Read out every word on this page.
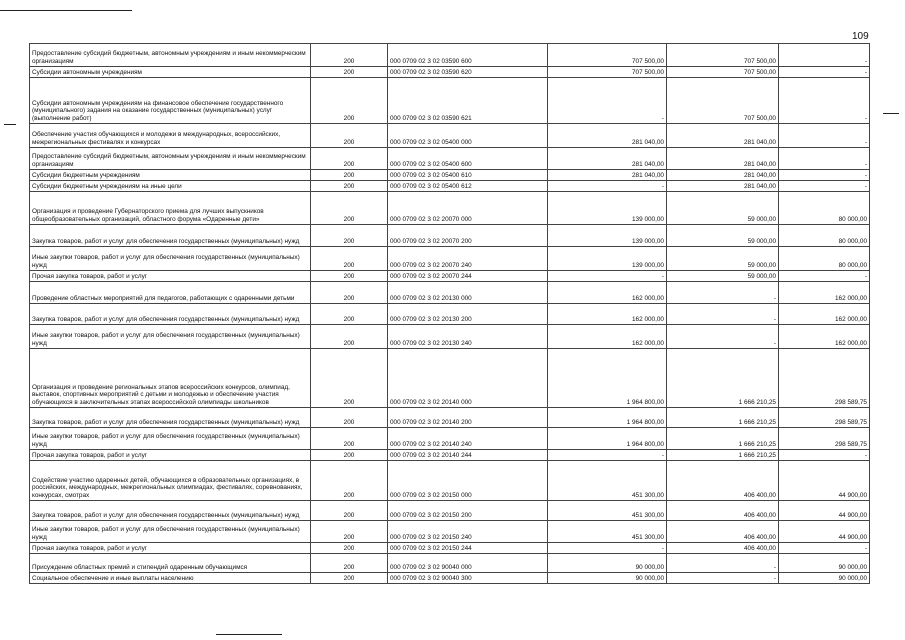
109
Предоставление субсидий бюджетным, автономным учреждениям и иным некоммерческим организациям	200	000 0709 02 3 02 03590 600	707 500,00	707 500,00	-
Субсидии автономным учреждениям	200	000 0709 02 3 02 03590 620	707 500,00	707 500,00	-
Субсидии автономным учреждениям на финансовое обеспечение государственного (муниципального) задания на оказание государственных (муниципальных) услуг (выполнение работ)	200	000 0709 02 3 02 03590 621	-	707 500,00	-
Обеспечение участия обучающихся и молодежи в международных, всероссийских, межрегиональных фестивалях и конкурсах	200	000 0709 02 3 02 05400 000	281 040,00	281 040,00	-
Предоставление субсидий бюджетным, автономным учреждениям и иным некоммерческим организациям	200	000 0709 02 3 02 05400 600	281 040,00	281 040,00	-
Субсидии бюджетным учреждениям	200	000 0709 02 3 02 05400 610	281 040,00	281 040,00	-
Субсидии бюджетным учреждениям на иные цели	200	000 0709 02 3 02 05400 612	-	281 040,00	-
Организация и проведение Губернаторского приема для лучших выпускников общеобразовательных организаций, областного форума «Одаренные дети»	200	000 0709 02 3 02 20070 000	139 000,00	59 000,00	80 000,00
Закупка товаров, работ и услуг для обеспечения государственных (муниципальных) нужд	200	000 0709 02 3 02 20070 200	139 000,00	59 000,00	80 000,00
Иные закупки товаров, работ и услуг для обеспечения государственных (муниципальных) нужд	200	000 0709 02 3 02 20070 240	139 000,00	59 000,00	80 000,00
Прочая закупка товаров, работ и услуг	200	000 0709 02 3 02 20070 244	-	59 000,00	-
Проведение областных мероприятий для педагогов, работающих с одаренными детьми	200	000 0709 02 3 02 20130 000	162 000,00	-	162 000,00
Закупка товаров, работ и услуг для обеспечения государственных (муниципальных) нужд	200	000 0709 02 3 02 20130 200	162 000,00	-	162 000,00
Иные закупки товаров, работ и услуг для обеспечения государственных (муниципальных) нужд	200	000 0709 02 3 02 20130 240	162 000,00	-	162 000,00
Организация и проведение региональных этапов всероссийских конкурсов, олимпиад, выставок, спортивных мероприятий с детьми и молодежью и обеспечение участия обучающихся в заключительных этапах всероссийской олимпиады школьников	200	000 0709 02 3 02 20140 000	1 964 800,00	1 666 210,25	298 589,75
Закупка товаров, работ и услуг для обеспечения государственных (муниципальных) нужд	200	000 0709 02 3 02 20140 200	1 964 800,00	1 666 210,25	298 589,75
Иные закупки товаров, работ и услуг для обеспечения государственных (муниципальных) нужд	200	000 0709 02 3 02 20140 240	1 964 800,00	1 666 210,25	298 589,75
Прочая закупка товаров, работ и услуг	200	000 0709 02 3 02 20140 244	-	1 666 210,25	-
Содействие участию одаренных детей, обучающихся в образовательных организациях, в российских, международных, межрегиональных олимпиадах, фестивалях, соревнованиях, конкурсах, смотрах	200	000 0709 02 3 02 20150 000	451 300,00	406 400,00	44 900,00
Закупка товаров, работ и услуг для обеспечения государственных (муниципальных) нужд	200	000 0709 02 3 02 20150 200	451 300,00	406 400,00	44 900,00
Иные закупки товаров, работ и услуг для обеспечения государственных (муниципальных) нужд	200	000 0709 02 3 02 20150 240	451 300,00	406 400,00	44 900,00
Прочая закупка товаров, работ и услуг	200	000 0709 02 3 02 20150 244	-	406 400,00	-
Присуждение областных премий и стипендий одаренным обучающимся	200	000 0709 02 3 02 90040 000	90 000,00	-	90 000,00
Социальное обеспечение и иные выплаты населению	200	000 0709 02 3 02 90040 300	90 000,00	-	90 000,00
